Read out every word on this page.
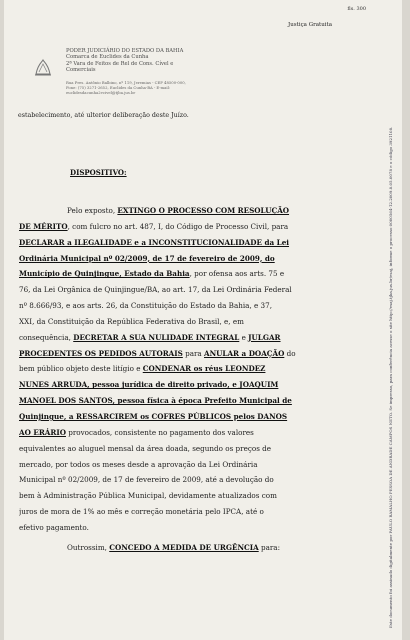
fls. 300
Justiça Gratuita
PODER JUDICIÁRIO DO ESTADO DA BAHIA
Comarca de Euclides da Cunha
2ª Vara de Feitos de Rel de Cons. Cível e
Comerciais
Rua Pres. Antônio Balbino, nº 119, Jeremias - CEP 48500-000,
Fone: (75) 3271-2652, Euclides da Cunha-BA - E-mail:
euclidesdacunha2vcivel@tjba.jus.br
estabelecimento, até ulterior deliberação deste Juízo.
DISPOSITIVO:
Pelo exposto, EXTINGO O PROCESSO COM RESOLUÇÃO
DE MÉRITO, com fulcro no art. 487, I, do Código de Processo Civil, para
DECLARAR a ILEGALIDADE e a INCONSTITUCIONALIDADE da Lei
Ordinária Municipal nº 02/2009, de 17 de fevereiro de 2009, do
Município de Quinjingue, Estado da Bahia, por ofensa aos arts. 75 e
76, da Lei Orgânica de Quinjingue/BA, ao art. 17, da Lei Ordinária Federal
nº 8.666/93, e aos arts. 26, da Constituição do Estado da Bahia, e 37,
XXI, da Constituição da República Federativa do Brasil, e, em
consequência, DECRETAR A SUA NULIDADE INTEGRAL e JULGAR
PROCEDENTES OS PEDIDOS AUTORAIS para ANULAR a DOAÇÃO do
bem público objeto deste litígio e CONDENAR os réus LEONDEZ
NUNES ARRUDA, pessoa jurídica de direito privado, e JOAQUIM
MANOEL DOS SANTOS, pessoa física à época Prefeito Municipal de
Quinjingue, a RESSARCIREM os COFRES PÚBLICOS pelos DANOS
AO ERÁRIO provocados, consistente no pagamento dos valores
equivalentes ao aluguel mensal da área doada, segundo os preços de
mercado, por todos os meses desde a aprovação da Lei Ordinária
Municipal nº 02/2009, de 17 de fevereiro de 2009, até a devolução do
bem à Administração Pública Municipal, devidamente atualizados com
juros de mora de 1% ao mês e correção monetária pelo IPCA, até o
efetivo pagamento.
Outrossim, CONCEDO A MEDIDA DE URGÊNCIA para:	Este documento foi assinado digitalmente por PAULO RAMALHO PESSOA DE ANDRADE CAMPOS NETO. Se impresso, para conferência acesse o site http://esaj.tjba.jus.br/esaj, informe o processo 0000564-12.2009.8.05.0078 e o código 3921108.
